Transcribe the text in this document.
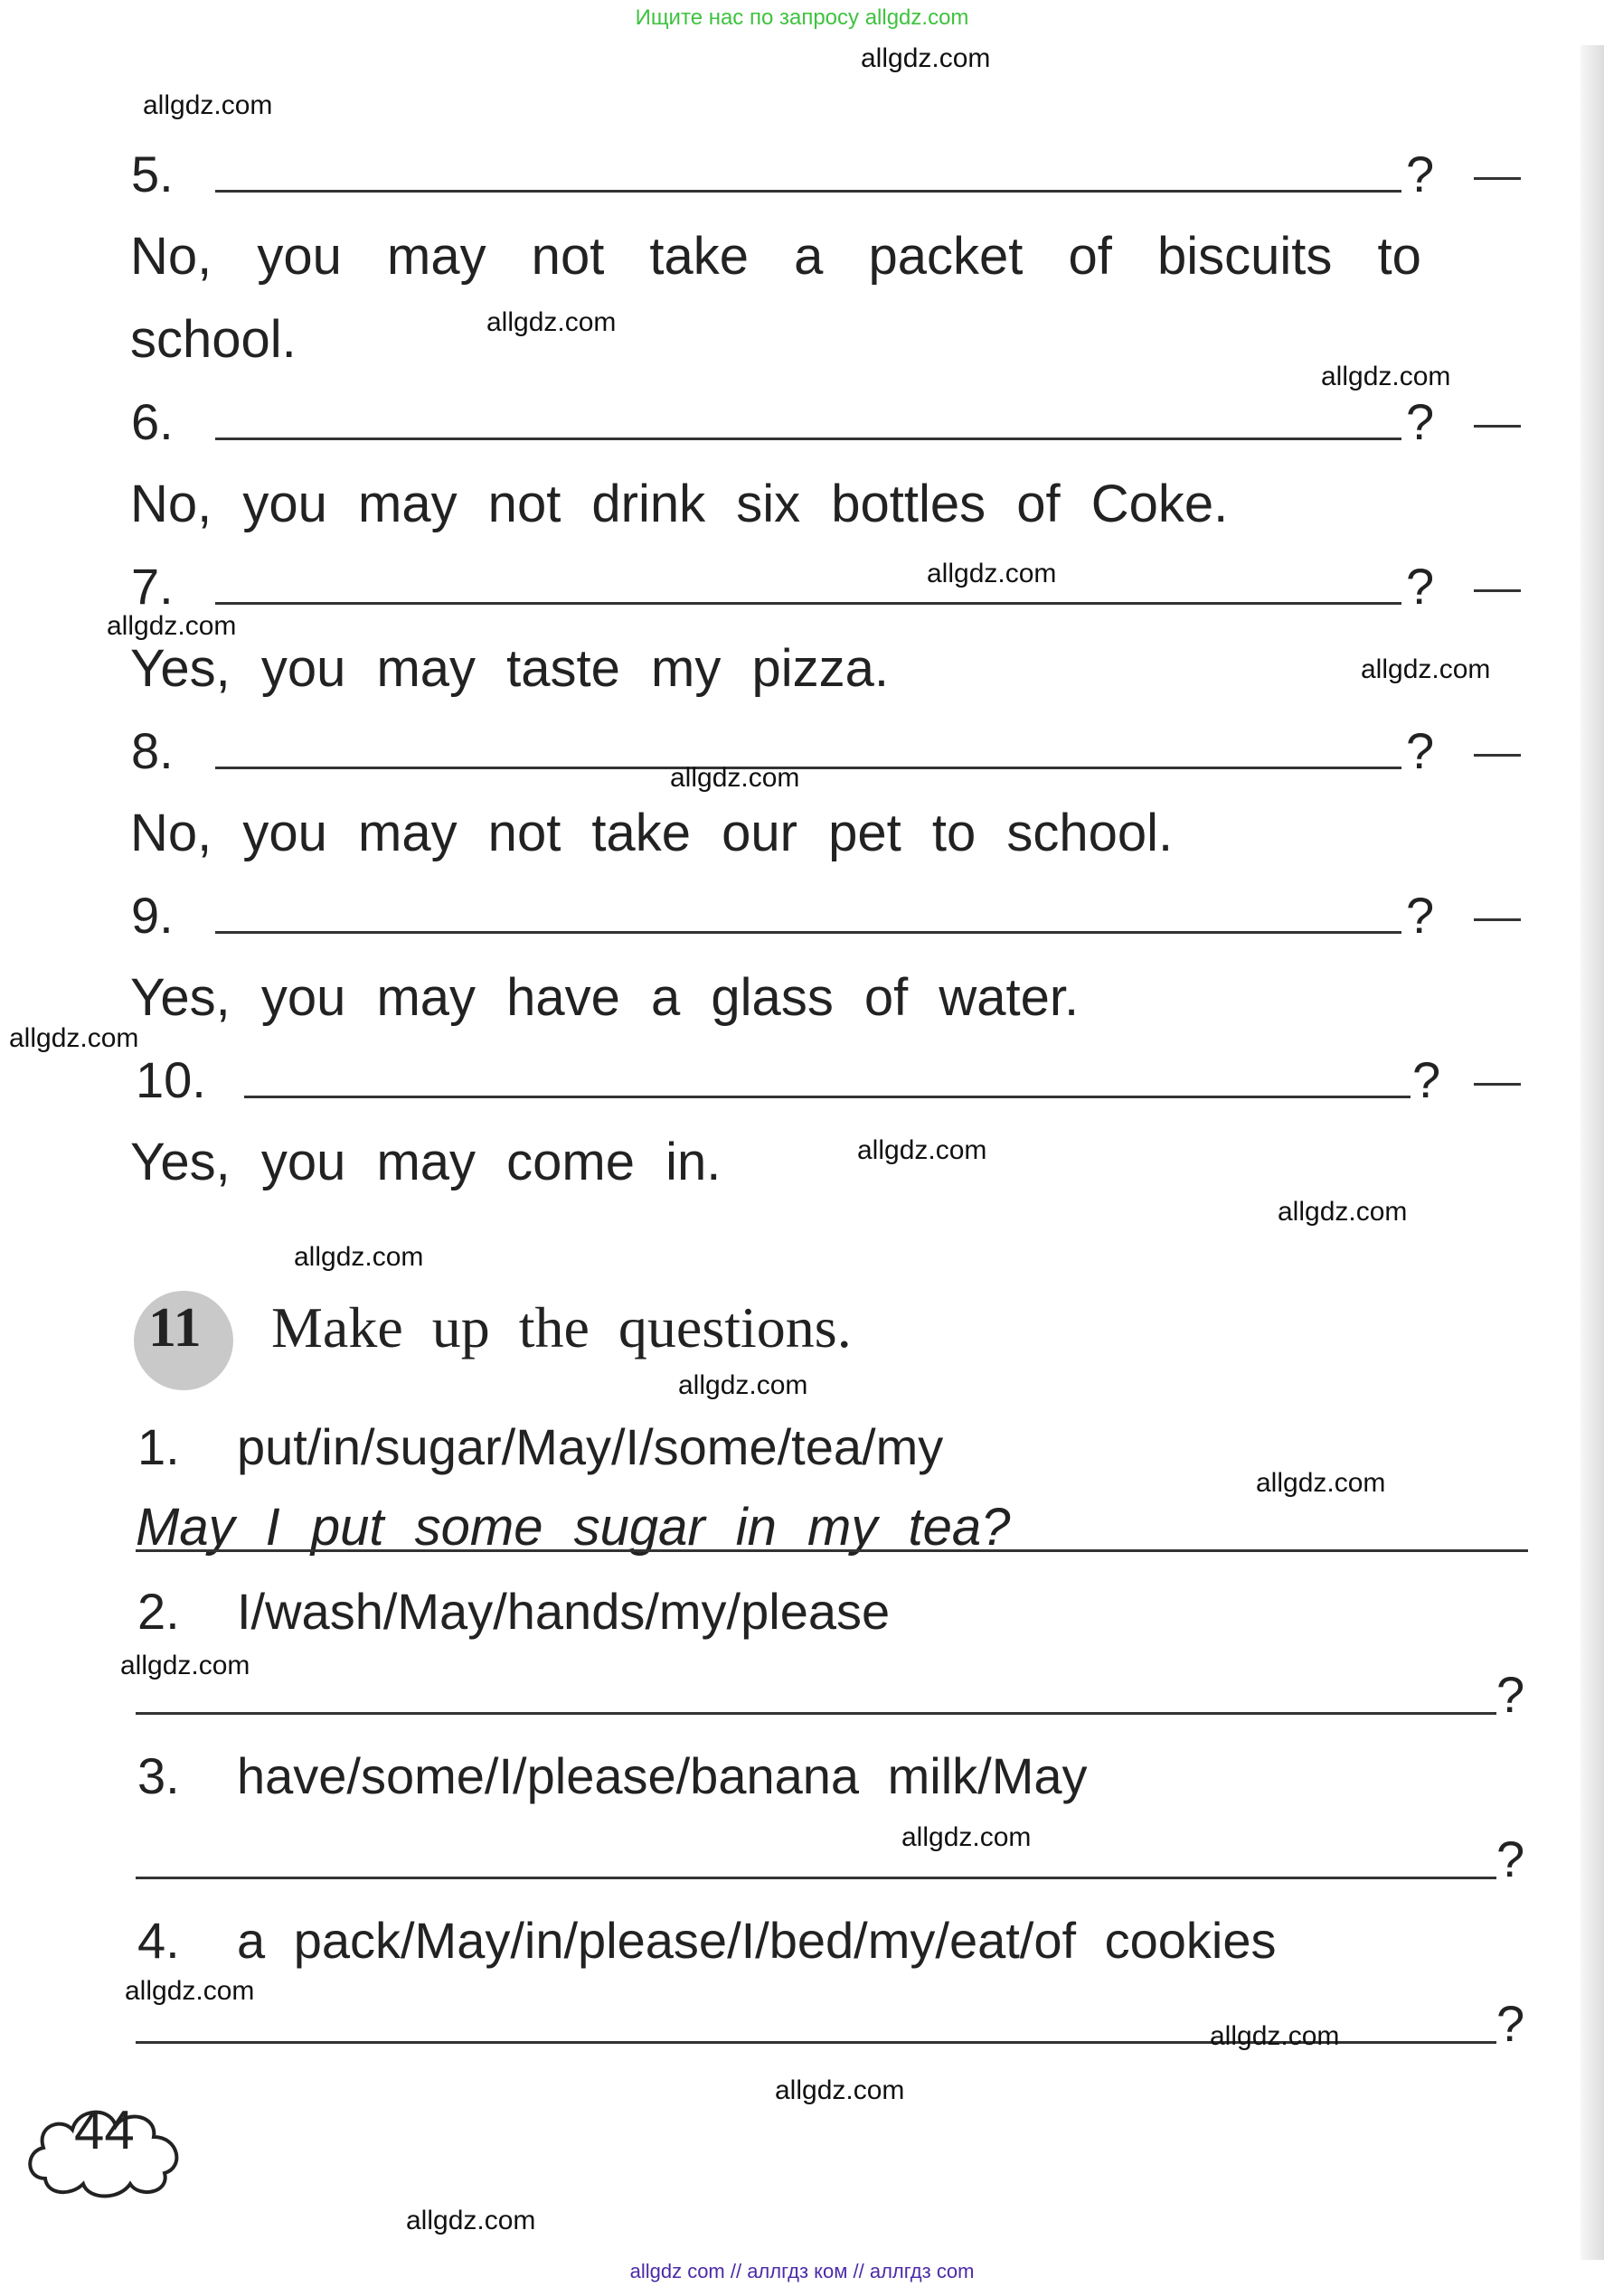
Ищите нас по запросу allgdz.com
5.	?
No, you may not take a packet of biscuits to
school.
6.	?
No, you may not drink six bottles of Coke.
7.	?
Yes, you may taste my pizza.
8.	?
No, you may not take our pet to school.
9.	?
Yes, you may have a glass of water.
10.	?
Yes, you may come in.
11 Make up the questions.
1. put/in/sugar/May/I/some/tea/my
May I put some sugar in my tea?
2. I/wash/May/hands/my/please
?
3. have/some/I/please/banana milk/May
?
4. a pack/May/in/please/I/bed/my/eat/of cookies
?
44
allgdz.com
allgdz.com
allgdz.com
allgdz.com
allgdz.com
allgdz.com
allgdz.com
allgdz.com
allgdz.com
allgdz.com
allgdz.com
allgdz.com
allgdz.com
allgdz.com
allgdz.com
allgdz.com
allgdz.com
allgdz.com
allgdz.com
allgdz.com
allgdz com // аллгдз ком // аллгдз com
